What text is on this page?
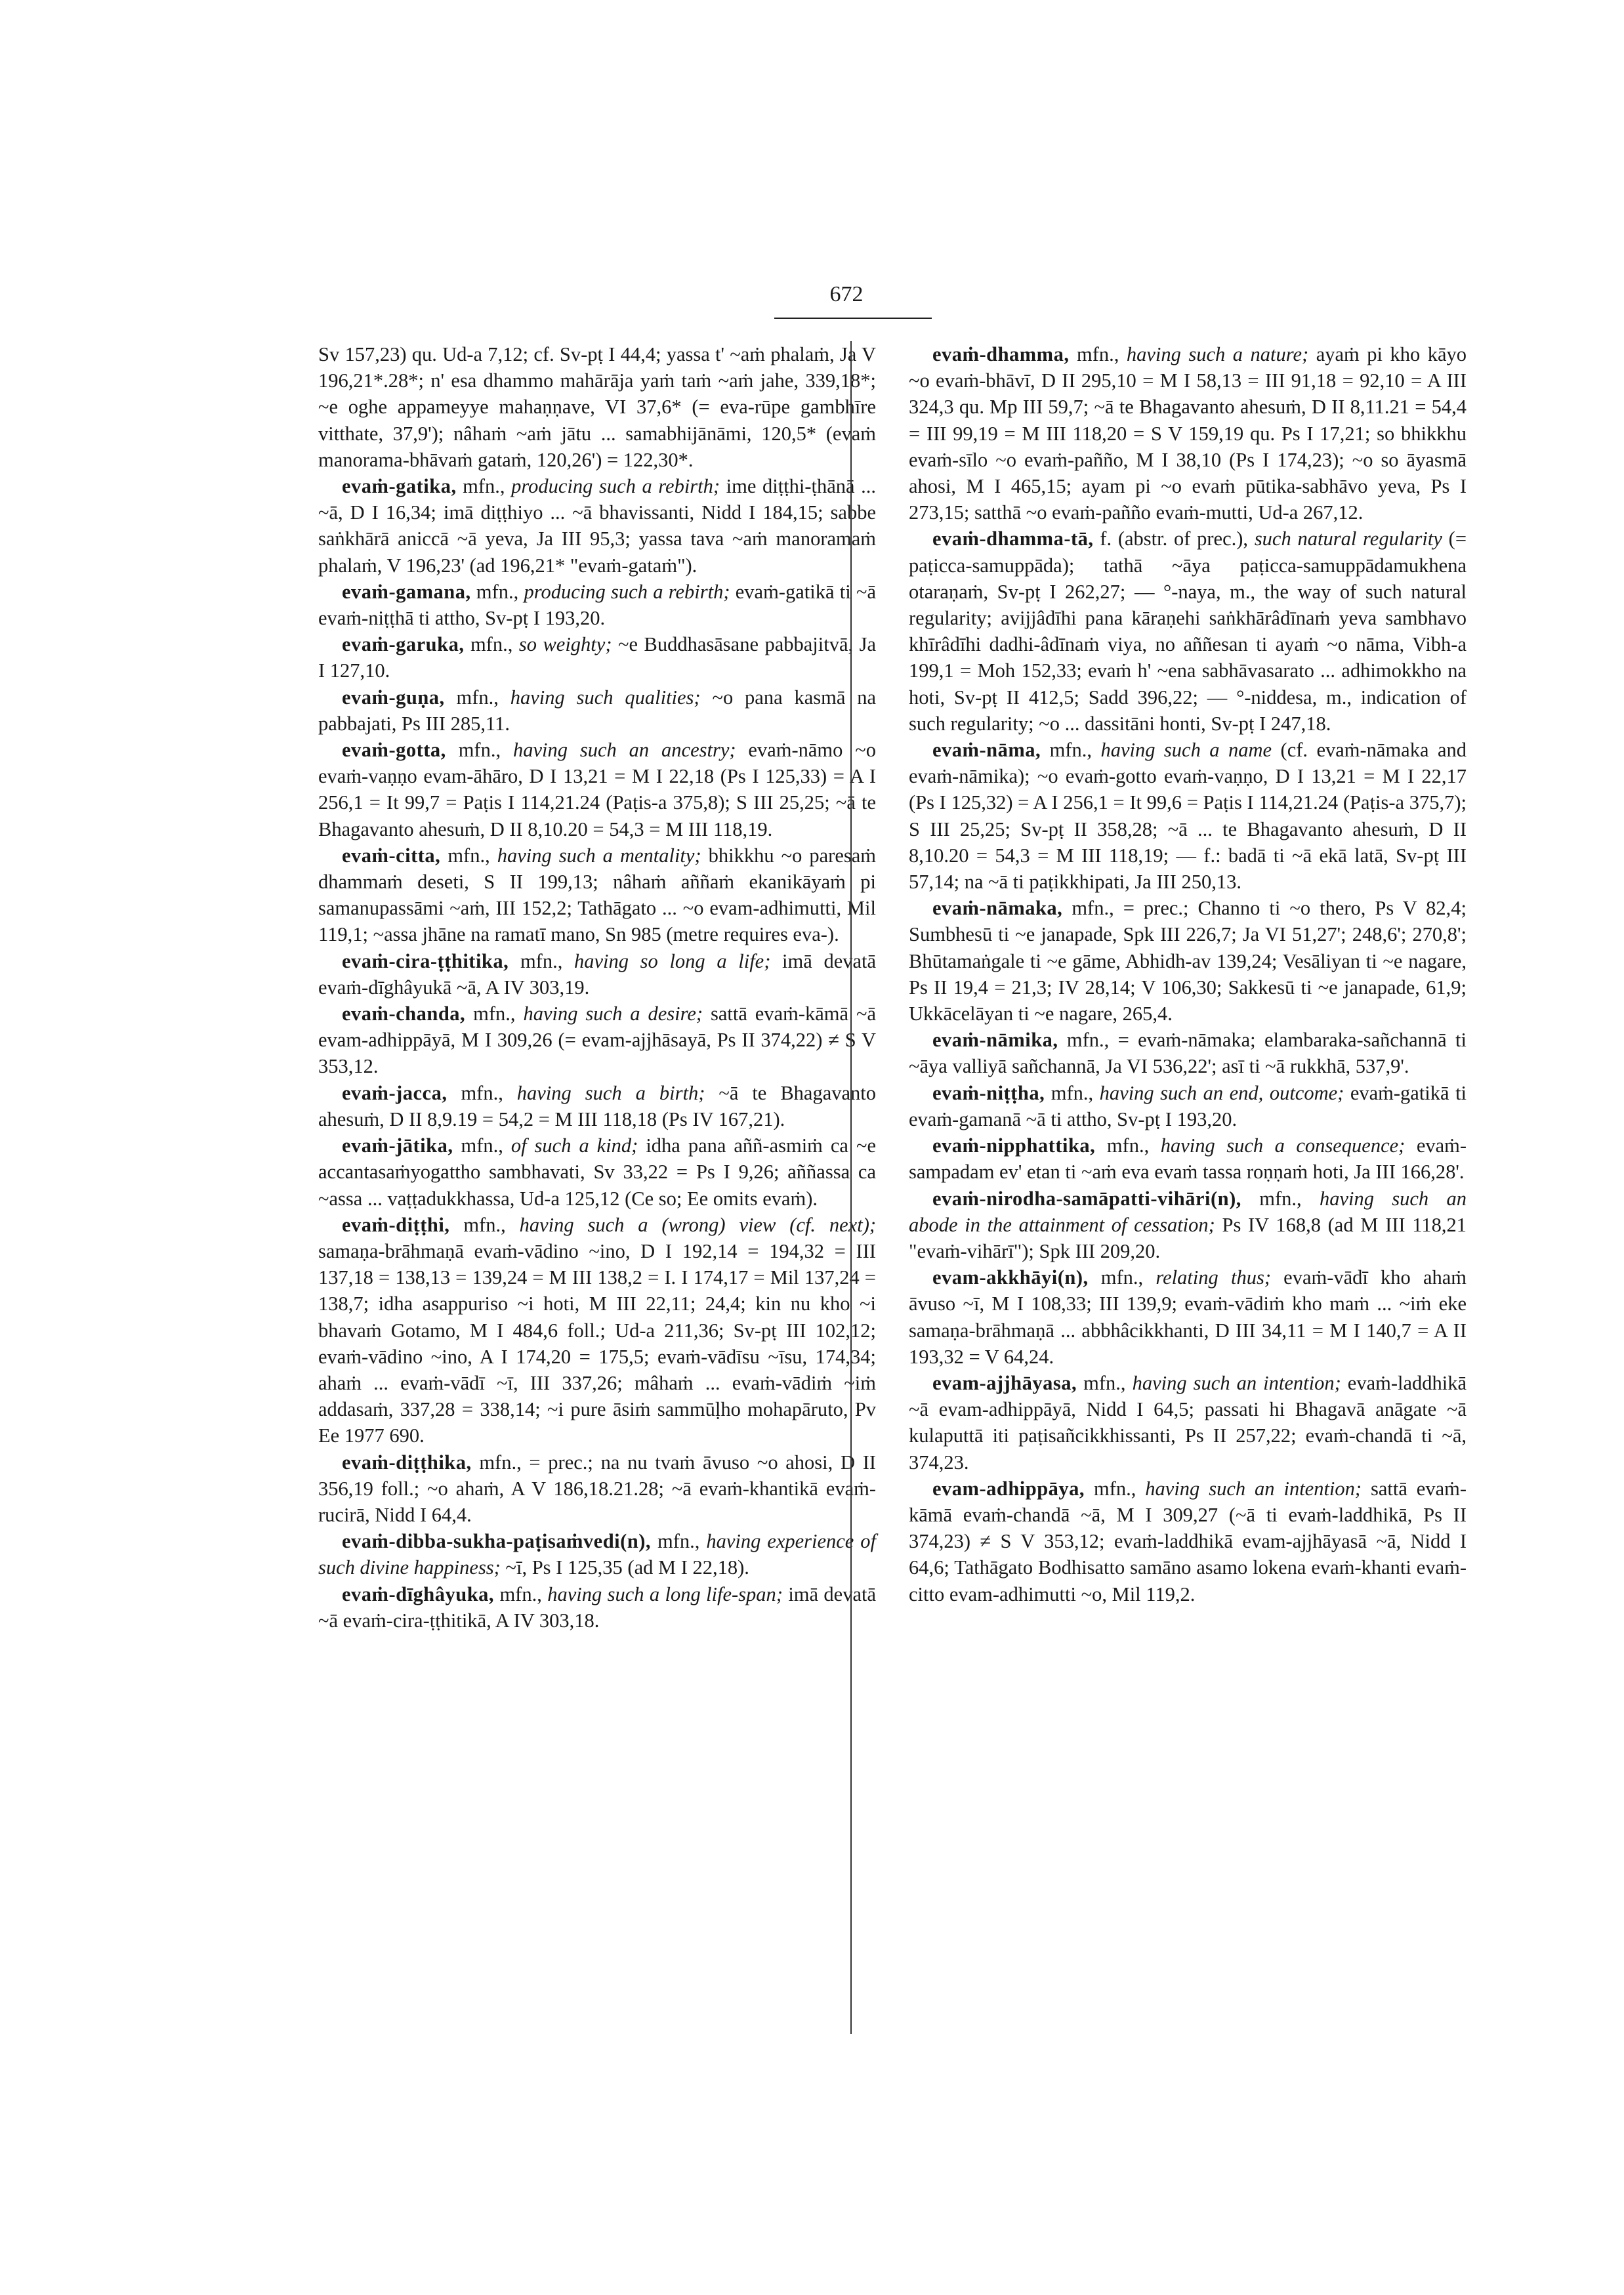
672

Sv 157,23) qu. Ud-a 7,12; cf. Sv-pṭ I 44,4; yassa t' ~aṁ phalaṁ, Ja V 196,21*.28*; n' esa dhammo mahārāja yaṁ taṁ ~aṁ jahe, 339,18*; ~e oghe appameyye mahaṇṇave, VI 37,6* (= eva-rūpe gambhīre vitthate, 37,9'); nâhaṁ ~aṁ jātu ... samabhijānāmi, 120,5* (evaṁ manorama-bhāvaṁ gataṁ, 120,26') = 122,30*.

evaṁ-gatika, mfn., producing such a rebirth; ime diṭṭhi-ṭhānā ... ~ā, D I 16,34; imā diṭṭhiyo ... ~ā bhavissanti, Nidd I 184,15; sabbe saṅkhārā aniccā ~ā yeva, Ja III 95,3; yassa tava ~aṁ manoramaṁ phalaṁ, V 196,23' (ad 196,21* "evaṁ-gataṁ").

evaṁ-gamana, mfn., producing such a rebirth; evaṁ-gatikā ti ~ā evaṁ-niṭṭhā ti attho, Sv-pṭ I 193,20.

evaṁ-garuka, mfn., so weighty; ~e Buddhasāsane pabbajitvā, Ja I 127,10.

evaṁ-guṇa, mfn., having such qualities; ~o pana kasmā na pabbajati, Ps III 285,11.

evaṁ-gotta, mfn., having such an ancestry; evaṁ-nāmo ~o evaṁ-vaṇṇo evam-āhāro, D I 13,21 = M I 22,18 (Ps I 125,33) = A I 256,1 = It 99,7 = Paṭis I 114,21.24 (Paṭis-a 375,8); S III 25,25; ~ā te Bhagavanto ahesuṁ, D II 8,10.20 = 54,3 = M III 118,19.

evaṁ-citta, mfn., having such a mentality; bhikkhu ~o paresaṁ dhammaṁ deseti, S II 199,13; nâhaṁ aññaṁ ekanikāyaṁ pi samanupassāmi ~aṁ, III 152,2; Tathāgato ... ~o evam-adhimutti, Mil 119,1; ~assa jhāne na ramatī mano, Sn 985 (metre requires eva-).

evaṁ-cira-ṭṭhitika, mfn., having so long a life; imā devatā evaṁ-dīghâyukā ~ā, A IV 303,19.

evaṁ-chanda, mfn., having such a desire; sattā evaṁ-kāmā ~ā evam-adhippāyā, M I 309,26 (= evam-ajjhāsayā, Ps II 374,22) ≠ S V 353,12.

evaṁ-jacca, mfn., having such a birth; ~ā te Bhagavanto ahesuṁ, D II 8,9.19 = 54,2 = M III 118,18 (Ps IV 167,21).

evaṁ-jātika, mfn., of such a kind; idha pana aññ-asmiṁ ca ~e accantasaṁyogattho sambhavati, Sv 33,22 = Ps I 9,26; aññassa ca ~assa ... vaṭṭadukkhassa, Ud-a 125,12 (Ce so; Ee omits evaṁ).

evaṁ-diṭṭhi, mfn., having such a (wrong) view (cf. next); samaṇa-brāhmaṇā evaṁ-vādino ~ino, D I 192,14 = 194,32 = III 137,18 = 138,13 = 139,24 = M III 138,2 = I. I 174,17 = Mil 137,24 = 138,7; idha asappuriso ~i hoti, M III 22,11; 24,4; kin nu kho ~i bhavaṁ Gotamo, M I 484,6 foll.; Ud-a 211,36; Sv-pṭ III 102,12; evaṁ-vādino ~ino, A I 174,20 = 175,5; evaṁ-vādīsu ~īsu, 174,34; ahaṁ ... evaṁ-vādī ~ī, III 337,26; mâhaṁ ... evaṁ-vādiṁ ~iṁ addasaṁ, 337,28 = 338,14; ~i pure āsiṁ sammūḷho mohapāruto, Pv Ee 1977 690.

evaṁ-diṭṭhika, mfn., = prec.; na nu tvaṁ āvuso ~o ahosi, D II 356,19 foll.; ~o ahaṁ, A V 186,18.21.28; ~ā evaṁ-khantikā evaṁ-rucirā, Nidd I 64,4.

evaṁ-dibba-sukha-paṭisaṁvedi(n), mfn., having experience of such divine happiness; ~ī, Ps I 125,35 (ad M I 22,18).

evaṁ-dīghâyuka, mfn., having such a long life-span; imā devatā ~ā evaṁ-cira-ṭṭhitikā, A IV 303,18.

evaṁ-dhamma, mfn., having such a nature; ayaṁ pi kho kāyo ~o evaṁ-bhāvī, D II 295,10 = M I 58,13 = III 91,18 = 92,10 = A III 324,3 qu. Mp III 59,7; ~ā te Bhagavanto ahesuṁ, D II 8,11.21 = 54,4 = III 99,19 = M III 118,20 = S V 159,19 qu. Ps I 17,21; so bhikkhu evaṁ-sīlo ~o evaṁ-pañño, M I 38,10 (Ps I 174,23); ~o so āyasmā ahosi, M I 465,15; ayam pi ~o evaṁ pūtika-sabhāvo yeva, Ps I 273,15; satthā ~o evaṁ-pañño evaṁ-mutti, Ud-a 267,12.

evaṁ-dhamma-tā, f. (abstr. of prec.), such natural regularity (= paṭicca-samuppāda); tathā ~āya paṭicca-samuppādamukhena otaraṇaṁ, Sv-pṭ I 262,27; — °-naya, m., the way of such natural regularity; avijjâdīhi pana kāraṇehi saṅkhārâdīnaṁ yeva sambhavo khīrâdīhi dadhi-âdīnaṁ viya, no aññesan ti ayaṁ ~o nāma, Vibh-a 199,1 = Moh 152,33; evaṁ h' ~ena sabhāvasarato ... adhimokkho na hoti, Sv-pṭ II 412,5; Sadd 396,22; — °-niddesa, m., indication of such regularity; ~o ... dassitāni honti, Sv-pṭ I 247,18.

evaṁ-nāma, mfn., having such a name (cf. evaṁ-nāmaka and evaṁ-nāmika); ~o evaṁ-gotto evaṁ-vaṇṇo, D I 13,21 = M I 22,17 (Ps I 125,32) = A I 256,1 = It 99,6 = Paṭis I 114,21.24 (Paṭis-a 375,7); S III 25,25; Sv-pṭ II 358,28; ~ā ... te Bhagavanto ahesuṁ, D II 8,10.20 = 54,3 = M III 118,19; — f.: badā ti ~ā ekā latā, Sv-pṭ III 57,14; na ~ā ti paṭikkhipati, Ja III 250,13.

evaṁ-nāmaka, mfn., = prec.; Channo ti ~o thero, Ps V 82,4; Sumbhesū ti ~e janapade, Spk III 226,7; Ja VI 51,27'; 248,6'; 270,8'; Bhūtamaṅgale ti ~e gāme, Abhidh-av 139,24; Vesāliyan ti ~e nagare, Ps II 19,4 = 21,3; IV 28,14; V 106,30; Sakkesū ti ~e janapade, 61,9; Ukkācelāyan ti ~e nagare, 265,4.

evaṁ-nāmika, mfn., = evaṁ-nāmaka; elambaraka-sañchannā ti ~āya valliyā sañchannā, Ja VI 536,22'; asī ti ~ā rukkhā, 537,9'.

evaṁ-niṭṭha, mfn., having such an end, outcome; evaṁ-gatikā ti evaṁ-gamanā ~ā ti attho, Sv-pṭ I 193,20.

evaṁ-nipphattika, mfn., having such a consequence; evaṁ-sampadam ev' etan ti ~aṁ eva evaṁ tassa roṇṇaṁ hoti, Ja III 166,28'.

evaṁ-nirodha-samāpatti-vihāri(n), mfn., having such an abode in the attainment of cessation; Ps IV 168,8 (ad M III 118,21 "evaṁ-vihārī"); Spk III 209,20.

evam-akkhāyi(n), mfn., relating thus; evaṁ-vādī kho ahaṁ āvuso ~ī, M I 108,33; III 139,9; evaṁ-vādiṁ kho maṁ ... ~iṁ eke samaṇa-brāhmaṇā ... abbhâcikkhanti, D III 34,11 = M I 140,7 = A II 193,32 = V 64,24.

evam-ajjhāyasa, mfn., having such an intention; evaṁ-laddhikā ~ā evam-adhippāyā, Nidd I 64,5; passati hi Bhagavā anāgate ~ā kulaputtā iti paṭisañcikkhissanti, Ps II 257,22; evaṁ-chandā ti ~ā, 374,23.

evam-adhippāya, mfn., having such an intention; sattā evaṁ-kāmā evaṁ-chandā ~ā, M I 309,27 (~ā ti evaṁ-laddhikā, Ps II 374,23) ≠ S V 353,12; evaṁ-laddhikā evam-ajjhāyasā ~ā, Nidd I 64,6; Tathāgato Bodhisatto samāno asamo lokena evaṁ-khanti evaṁ-citto evam-adhimutti ~o, Mil 119,2.
